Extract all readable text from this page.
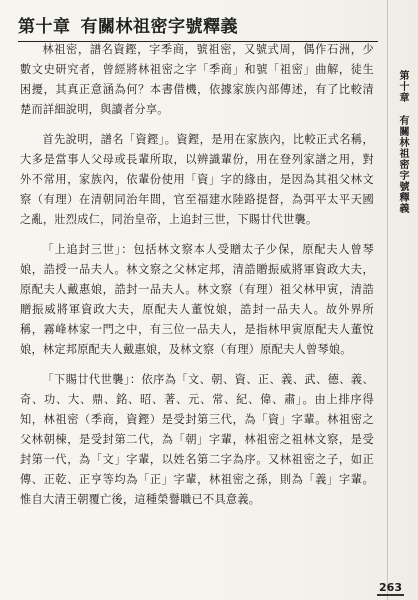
第十章 有關林祖密字號釋義
第十章 有關林祖密字號釋義

林祖密，譜名資鏗，字季商，號祖密，又號式周，偶作石洲，少數文史研究者，曾經將林祖密之字「季商」和號「祖密」曲解，徒生困擾，其真正意涵為何？本書借機，依據家族內部傳述，有了比較清楚而詳細說明，與讀者分享。

首先說明，譜名「資鏗」。資鏗，是用在家族內，比較正式名稱，大多是當事人父母或長輩所取，以辨識輩份，用在登列家譜之用，對外不常用，家族內，依輩份使用「資」字的緣由，是因為其祖父林文察（有理）在清朝同治年間，官至福建水陸路提督，為弭平太平天國之亂，壯烈成仁，同治皇帝，上追封三世，下賜廿代世襲。

「上追封三世」：包括林文察本人受贈太子少保，原配夫人曾琴娘，誥授一品夫人。林文察之父林定邦，清誥贈振威將軍資政大夫，原配夫人戴惠娘，誥封一品夫人。林文察（有理）祖父林甲寅，清誥贈振威將軍資政大夫，原配夫人董悅娘，誥封一品夫人。故外界所稱，霧峰林家一門之中，有三位一品夫人，是指林甲寅原配夫人董悅娘，林定邦原配夫人戴惠娘，及林文察（有理）原配夫人曾琴娘。

「下賜廿代世襲」：依序為「文、朝、資、正、義、武、德、義、奇、功、大、鼎、銘、昭、著、元、常、紀、偉、肅」。由上排序得知，林祖密（季商，資鏗）是受封第三代，為「資」字輩。林祖密之父林朝棟，是受封第二代，為「朝」字輩，林祖密之祖林文察，是受封第一代，為「文」字輩，以姓名第二字為序。又林祖密之子，如正傳、正乾、正亨等均為「正」字輩，林祖密之孫，則為「義」字輩。惟自大清王朝覆亡後，這種榮譽職已不具意義。

263
